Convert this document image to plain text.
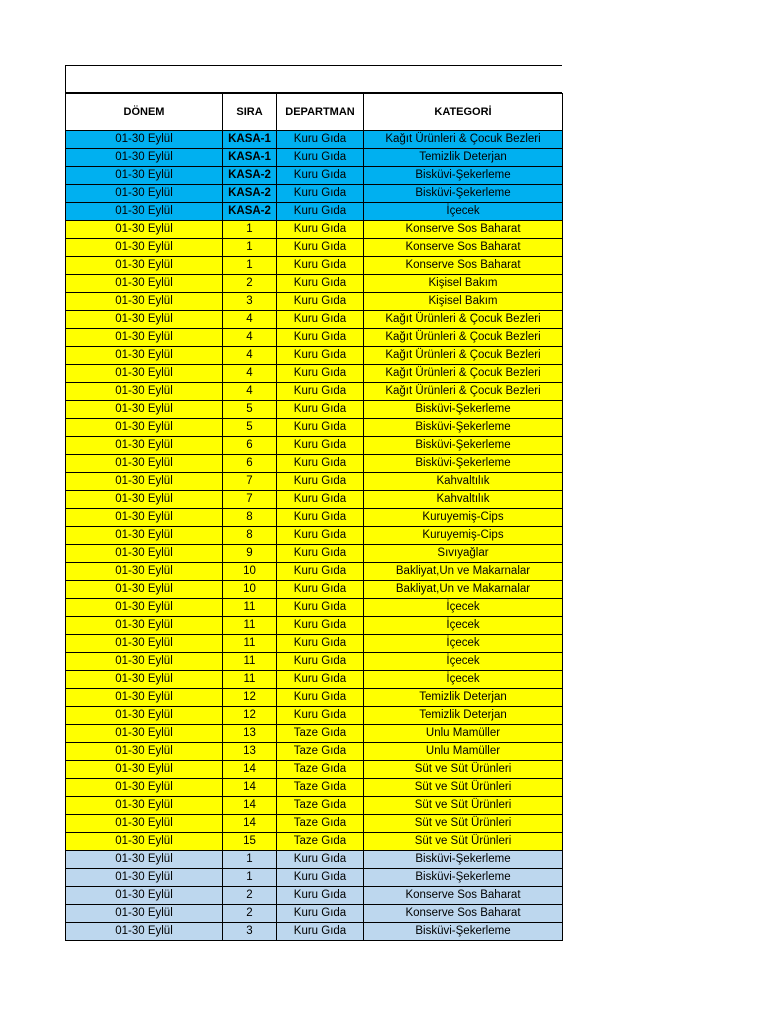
DÖNEM	SIRA	DEPARTMAN	KATEGORİ
01-30 Eylül	KASA-1	Kuru Gıda	Kağıt Ürünleri & Çocuk Bezleri
01-30 Eylül	KASA-1	Kuru Gıda	Temizlik Deterjan
01-30 Eylül	KASA-2	Kuru Gıda	Bisküvi-Şekerleme
01-30 Eylül	KASA-2	Kuru Gıda	Bisküvi-Şekerleme
01-30 Eylül	KASA-2	Kuru Gıda	İçecek
01-30 Eylül	1	Kuru Gıda	Konserve Sos Baharat
01-30 Eylül	1	Kuru Gıda	Konserve Sos Baharat
01-30 Eylül	1	Kuru Gıda	Konserve Sos Baharat
01-30 Eylül	2	Kuru Gıda	Kişisel Bakım
01-30 Eylül	3	Kuru Gıda	Kişisel Bakım
01-30 Eylül	4	Kuru Gıda	Kağıt Ürünleri & Çocuk Bezleri
01-30 Eylül	4	Kuru Gıda	Kağıt Ürünleri & Çocuk Bezleri
01-30 Eylül	4	Kuru Gıda	Kağıt Ürünleri & Çocuk Bezleri
01-30 Eylül	4	Kuru Gıda	Kağıt Ürünleri & Çocuk Bezleri
01-30 Eylül	4	Kuru Gıda	Kağıt Ürünleri & Çocuk Bezleri
01-30 Eylül	5	Kuru Gıda	Bisküvi-Şekerleme
01-30 Eylül	5	Kuru Gıda	Bisküvi-Şekerleme
01-30 Eylül	6	Kuru Gıda	Bisküvi-Şekerleme
01-30 Eylül	6	Kuru Gıda	Bisküvi-Şekerleme
01-30 Eylül	7	Kuru Gıda	Kahvaltılık
01-30 Eylül	7	Kuru Gıda	Kahvaltılık
01-30 Eylül	8	Kuru Gıda	Kuruyemiş-Cips
01-30 Eylül	8	Kuru Gıda	Kuruyemiş-Cips
01-30 Eylül	9	Kuru Gıda	Sıvıyağlar
01-30 Eylül	10	Kuru Gıda	Bakliyat,Un ve Makarnalar
01-30 Eylül	10	Kuru Gıda	Bakliyat,Un ve Makarnalar
01-30 Eylül	11	Kuru Gıda	İçecek
01-30 Eylül	11	Kuru Gıda	İçecek
01-30 Eylül	11	Kuru Gıda	İçecek
01-30 Eylül	11	Kuru Gıda	İçecek
01-30 Eylül	11	Kuru Gıda	İçecek
01-30 Eylül	12	Kuru Gıda	Temizlik Deterjan
01-30 Eylül	12	Kuru Gıda	Temizlik Deterjan
01-30 Eylül	13	Taze Gıda	Unlu Mamüller
01-30 Eylül	13	Taze Gıda	Unlu Mamüller
01-30 Eylül	14	Taze Gıda	Süt ve Süt Ürünleri
01-30 Eylül	14	Taze Gıda	Süt ve Süt Ürünleri
01-30 Eylül	14	Taze Gıda	Süt ve Süt Ürünleri
01-30 Eylül	14	Taze Gıda	Süt ve Süt Ürünleri
01-30 Eylül	15	Taze Gıda	Süt ve Süt Ürünleri
01-30 Eylül	1	Kuru Gıda	Bisküvi-Şekerleme
01-30 Eylül	1	Kuru Gıda	Bisküvi-Şekerleme
01-30 Eylül	2	Kuru Gıda	Konserve Sos Baharat
01-30 Eylül	2	Kuru Gıda	Konserve Sos Baharat
01-30 Eylül	3	Kuru Gıda	Bisküvi-Şekerleme
